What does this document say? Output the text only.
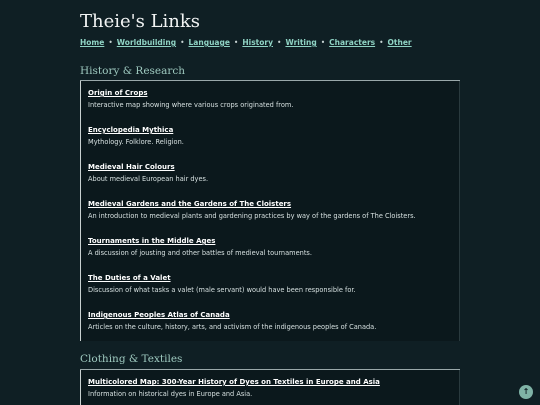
Theie's Links
Home • Worldbuilding • Language • History • Writing • Characters • Other
History & Research
Origin of Crops
Interactive map showing where various crops originated from.
Encyclopedia Mythica
Mythology. Folklore. Religion.
Medieval Hair Colours
About medieval European hair dyes.
Medieval Gardens and the Gardens of The Cloisters
An introduction to medieval plants and gardening practices by way of the gardens of The Cloisters.
Tournaments in the Middle Ages
A discussion of jousting and other battles of medieval tournaments.
The Duties of a Valet
Discussion of what tasks a valet (male servant) would have been responsible for.
Indigenous Peoples Atlas of Canada
Articles on the culture, history, arts, and activism of the indigenous peoples of Canada.
Clothing & Textiles
Multicolored Map: 300-Year History of Dyes on Textiles in Europe and Asia
Information on historical dyes in Europe and Asia.	↑
